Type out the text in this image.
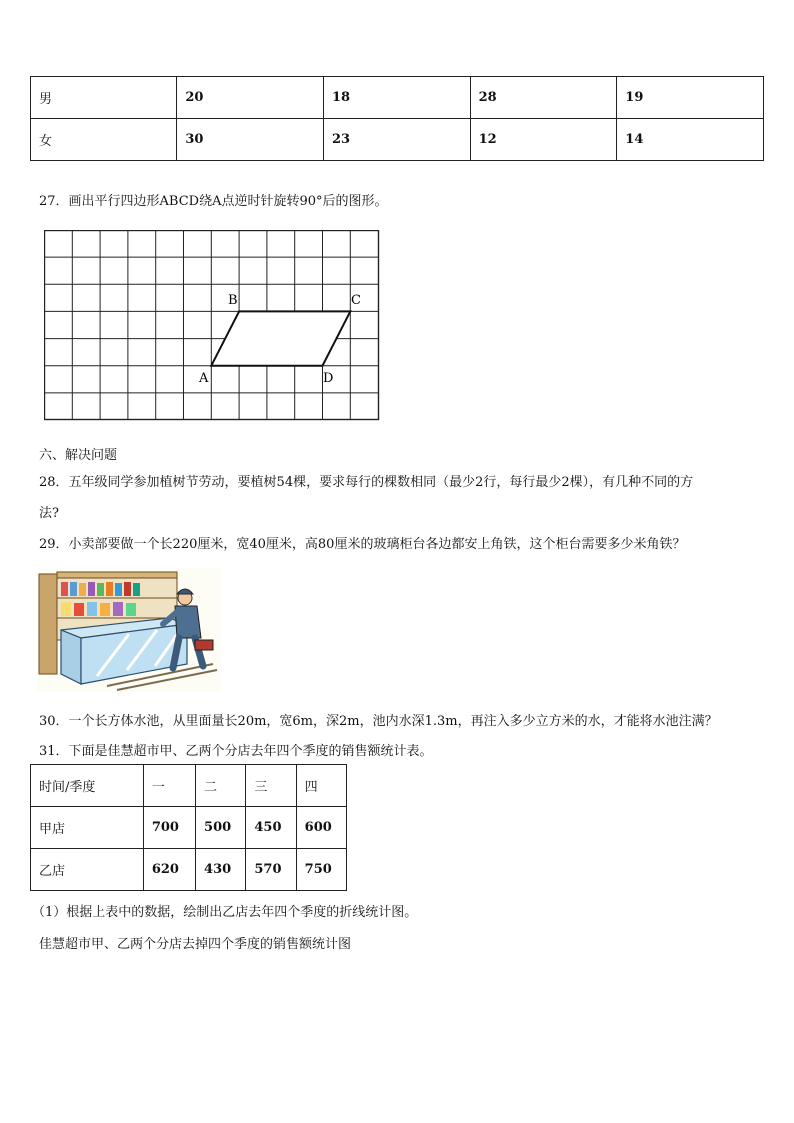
男	20	18	28	19
女	30	23	12	14
27．画出平行四边形ABCD绕A点逆时针旋转90°后的图形。
B	C
A	D
六、解决问题
28．五年级同学参加植树节劳动，要植树54棵，要求每行的棵数相同（最少2行，每行最少2棵），有几种不同的方
法?
29．小卖部要做一个长220厘米，宽40厘米，高80厘米的玻璃柜台各边都安上角铁，这个柜台需要多少米角铁？
30．一个长方体水池，从里面量长20m，宽6m，深2m，池内水深1.3m，再注入多少立方米的水，才能将水池注满？
31．下面是佳慧超市甲、乙两个分店去年四个季度的销售额统计表。
时间/季度	一	二	三	四
甲店	700	500	450	600
乙店	620	430	570	750
（1）根据上表中的数据，绘制出乙店去年四个季度的折线统计图。
佳慧超市甲、乙两个分店去掉四个季度的销售额统计图
